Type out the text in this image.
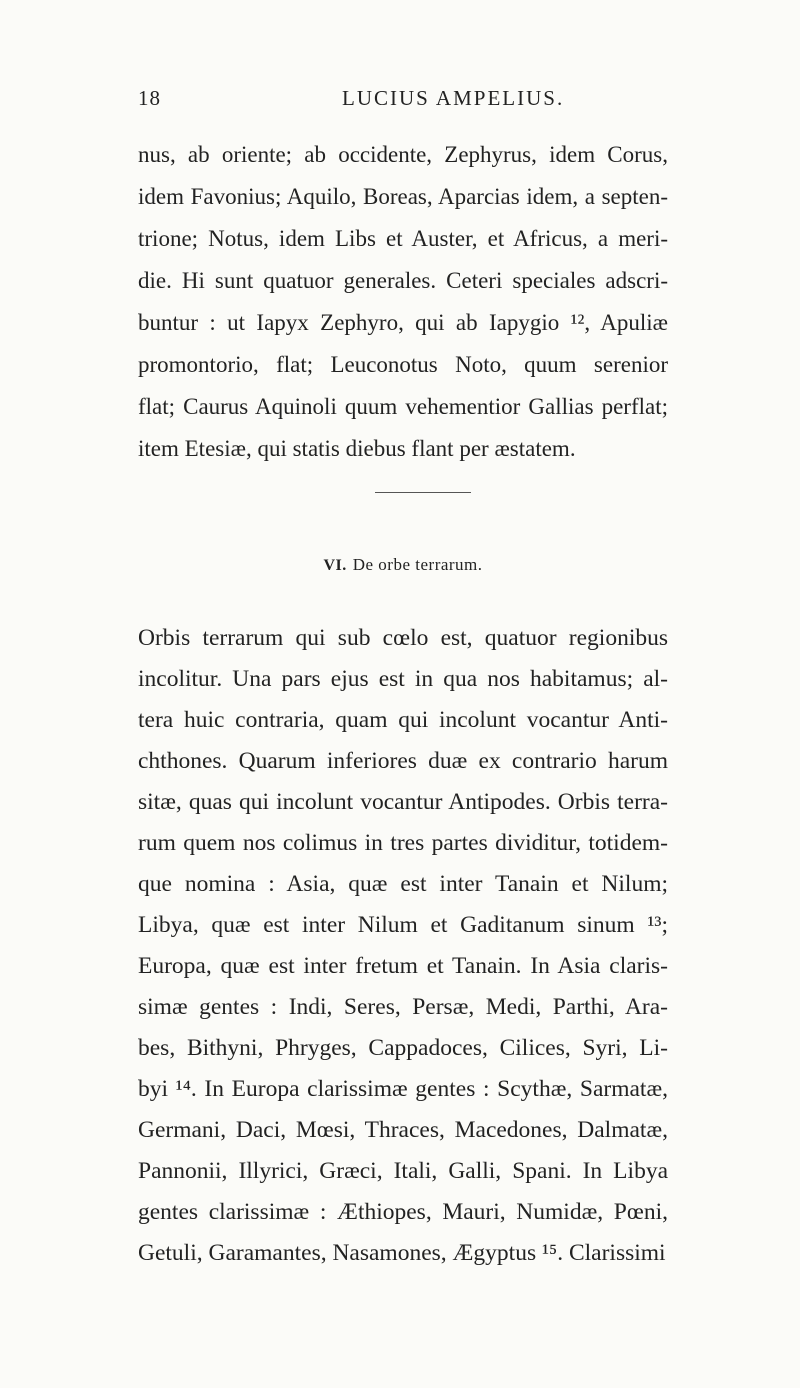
18	LUCIUS AMPELIUS.
nus, ab oriente; ab occidente, Zephyrus, idem Corus,
idem Favonius; Aquilo, Boreas, Aparcias idem, a septen-
trione; Notus, idem Libs et Auster, et Africus, a meri-
die. Hi sunt quatuor generales. Ceteri speciales adscri-
buntur : ut Iapyx Zephyro, qui ab Iapygio ¹², Apuliæ
promontorio, flat; Leuconotus Noto, quum serenior
flat; Caurus Aquinoli quum vehementior Gallias perflat;
item Etesiæ, qui statis diebus flant per æstatem.
VI. De orbe terrarum.
Orbis terrarum qui sub cœlo est, quatuor regionibus
incolitur. Una pars ejus est in qua nos habitamus; al-
tera huic contraria, quam qui incolunt vocantur Anti-
chthones. Quarum inferiores duæ ex contrario harum
sitæ, quas qui incolunt vocantur Antipodes. Orbis terra-
rum quem nos colimus in tres partes dividitur, totidem-
que nomina : Asia, quæ est inter Tanain et Nilum;
Libya, quæ est inter Nilum et Gaditanum sinum ¹³;
Europa, quæ est inter fretum et Tanain. In Asia claris-
simæ gentes : Indi, Seres, Persæ, Medi, Parthi, Ara-
bes, Bithyni, Phryges, Cappadoces, Cilices, Syri, Li-
byi ¹⁴. In Europa clarissimæ gentes : Scythæ, Sarmatæ,
Germani, Daci, Mœsi, Thraces, Macedones, Dalmatæ,
Pannonii, Illyrici, Græci, Itali, Galli, Spani. In Libya
gentes clarissimæ : Æthiopes, Mauri, Numidæ, Pœni,
Getuli, Garamantes, Nasamones, Ægyptus ¹⁵. Clarissimi
